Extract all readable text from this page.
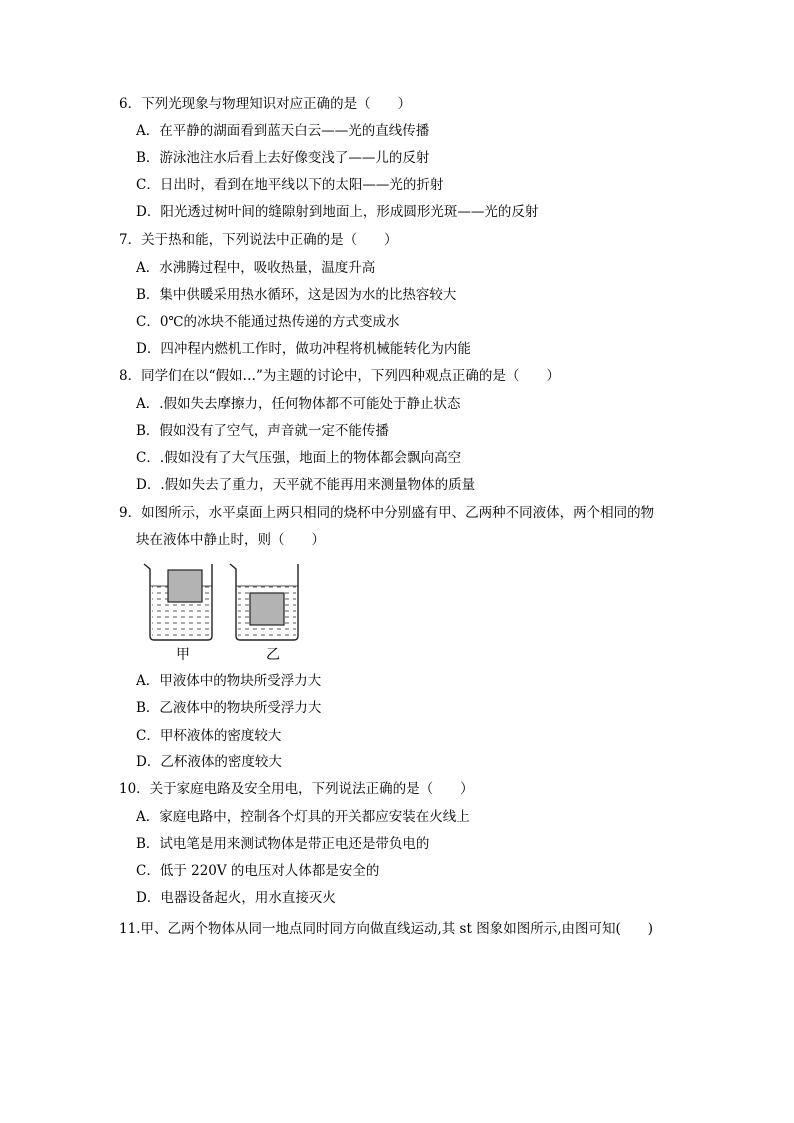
6．下列光现象与物理知识对应正确的是（　　）
A．在平静的湖面看到蓝天白云——光的直线传播
B．游泳池注水后看上去好像变浅了——儿的反射
C．日出时，看到在地平线以下的太阳——光的折射
D．阳光透过树叶间的缝隙射到地面上，形成圆形光斑——光的反射
7．关于热和能，下列说法中正确的是（　　）
A．水沸腾过程中，吸收热量，温度升高
B．集中供暖采用热水循环，这是因为水的比热容较大
C．0℃的冰块不能通过热传递的方式变成水
D．四冲程内燃机工作时，做功冲程将机械能转化为内能
8．同学们在以“假如…”为主题的讨论中，下列四种观点正确的是（　　）
A．.假如失去摩擦力，任何物体都不可能处于静止状态
B．假如没有了空气，声音就一定不能传播
C．.假如没有了大气压强，地面上的物体都会飘向高空
D．.假如失去了重力，天平就不能再用来测量物体的质量
9．如图所示，水平桌面上两只相同的烧杯中分别盛有甲、乙两种不同液体，两个相同的物
块在液体中静止时，则（　　）
甲	乙
A．甲液体中的物块所受浮力大
B．乙液体中的物块所受浮力大
C．甲杯液体的密度较大
D．乙杯液体的密度较大
10．关于家庭电路及安全用电，下列说法正确的是（　　）
A．家庭电路中，控制各个灯具的开关都应安装在火线上
B．试电笔是用来测试物体是带正电还是带负电的
C．低于 220V 的电压对人体都是安全的
D．电器设备起火，用水直接灭火
11.甲、乙两个物体从同一地点同时同方向做直线运动,其 st 图象如图所示,由图可知(　　)
